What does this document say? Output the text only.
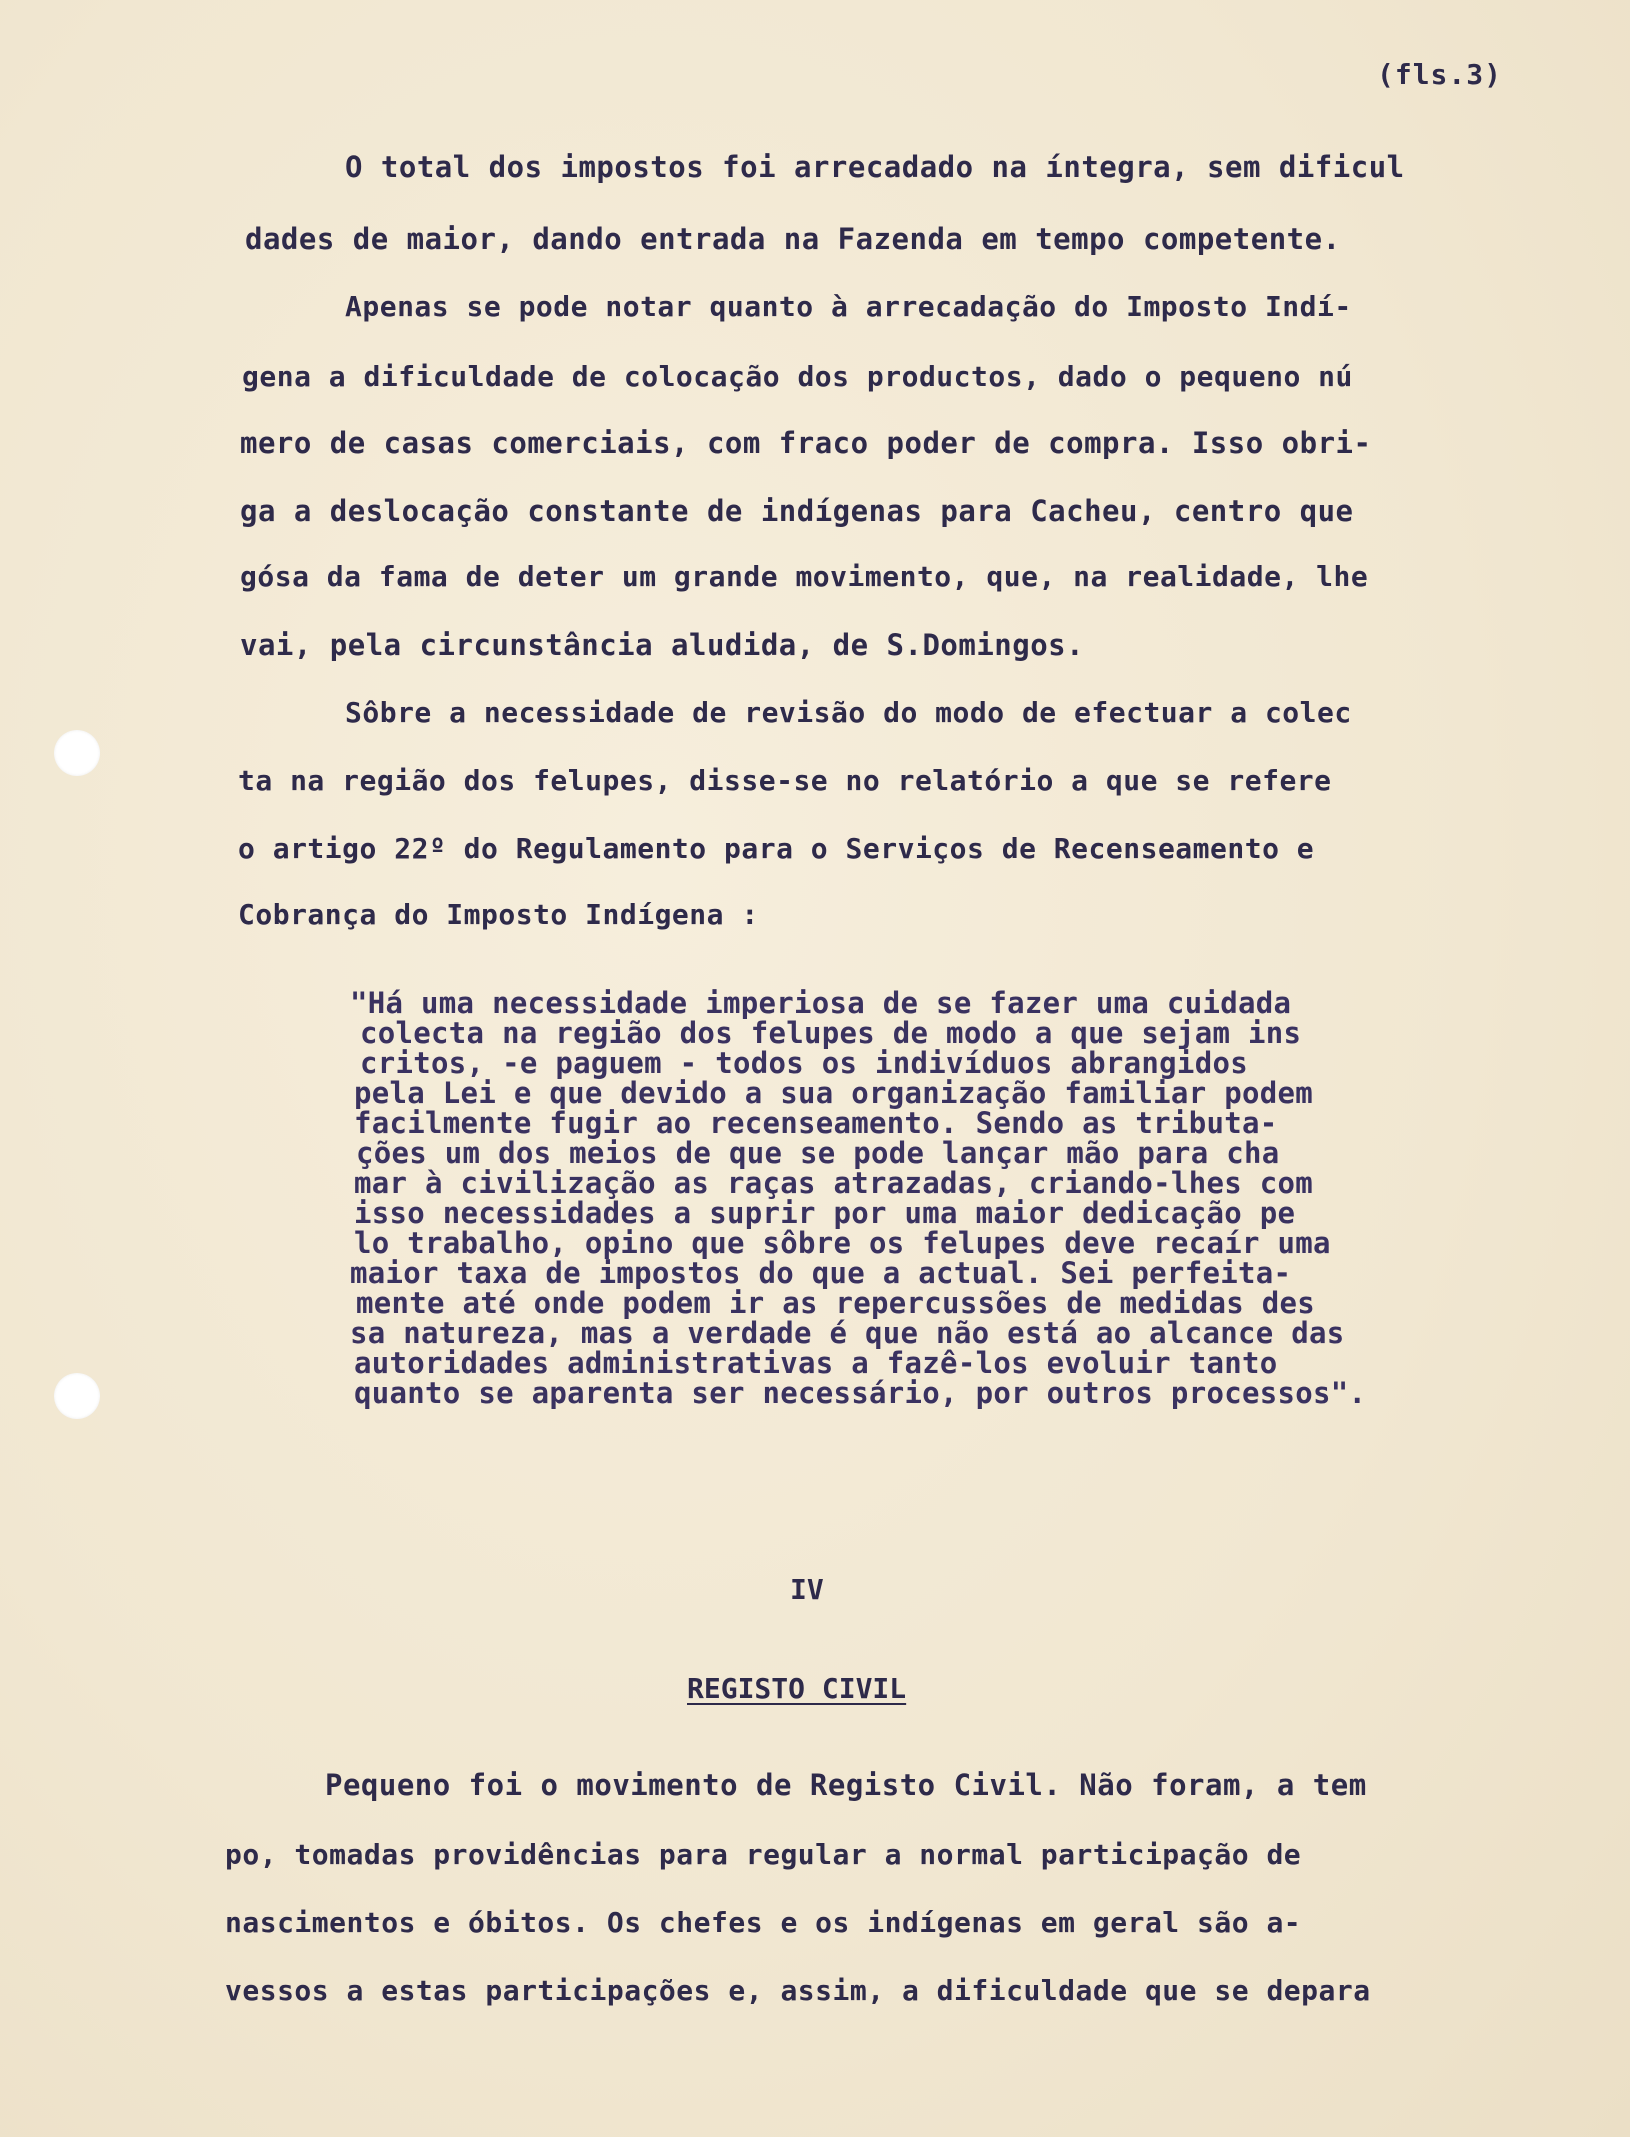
(fls.3)
O total dos impostos foi arrecadado na íntegra, sem dificul
dades de maior, dando entrada na Fazenda em tempo competente.
Apenas se pode notar quanto à arrecadação do Imposto Indí-
gena a dificuldade de colocação dos productos, dado o pequeno nú
mero de casas comerciais, com fraco poder de compra. Isso obri-
ga a deslocação constante de indígenas para Cacheu, centro que
gósa da fama de deter um grande movimento, que, na realidade, lhe
vai, pela circunstância aludida, de S.Domingos.
Sôbre a necessidade de revisão do modo de efectuar a colec
ta na região dos felupes, disse-se no relatório a que se refere
o artigo 22º do Regulamento para o Serviços de Recenseamento e
Cobrança do Imposto Indígena :
"Há uma necessidade imperiosa de se fazer uma cuidada
colecta na região dos felupes de modo a que sejam ins
critos, -e paguem - todos os indivíduos abrangidos
pela Lei e que devido a sua organização familiar podem
facilmente fugir ao recenseamento. Sendo as tributa-
ções um dos meios de que se pode lançar mão para cha
mar à civilização as raças atrazadas, criando-lhes com
isso necessidades a suprir por uma maior dedicação pe
lo trabalho, opino que sôbre os felupes deve recaír uma
maior taxa de impostos do que a actual. Sei perfeita-
mente até onde podem ir as repercussões de medidas des
sa natureza, mas a verdade é que não está ao alcance das
autoridades administrativas a fazê-los evoluir tanto
quanto se aparenta ser necessário, por outros processos".
IV
REGISTO CIVIL
Pequeno foi o movimento de Registo Civil. Não foram, a tem
po, tomadas providências para regular a normal participação de
nascimentos e óbitos. Os chefes e os indígenas em geral são a-
vessos a estas participações e, assim, a dificuldade que se depara
